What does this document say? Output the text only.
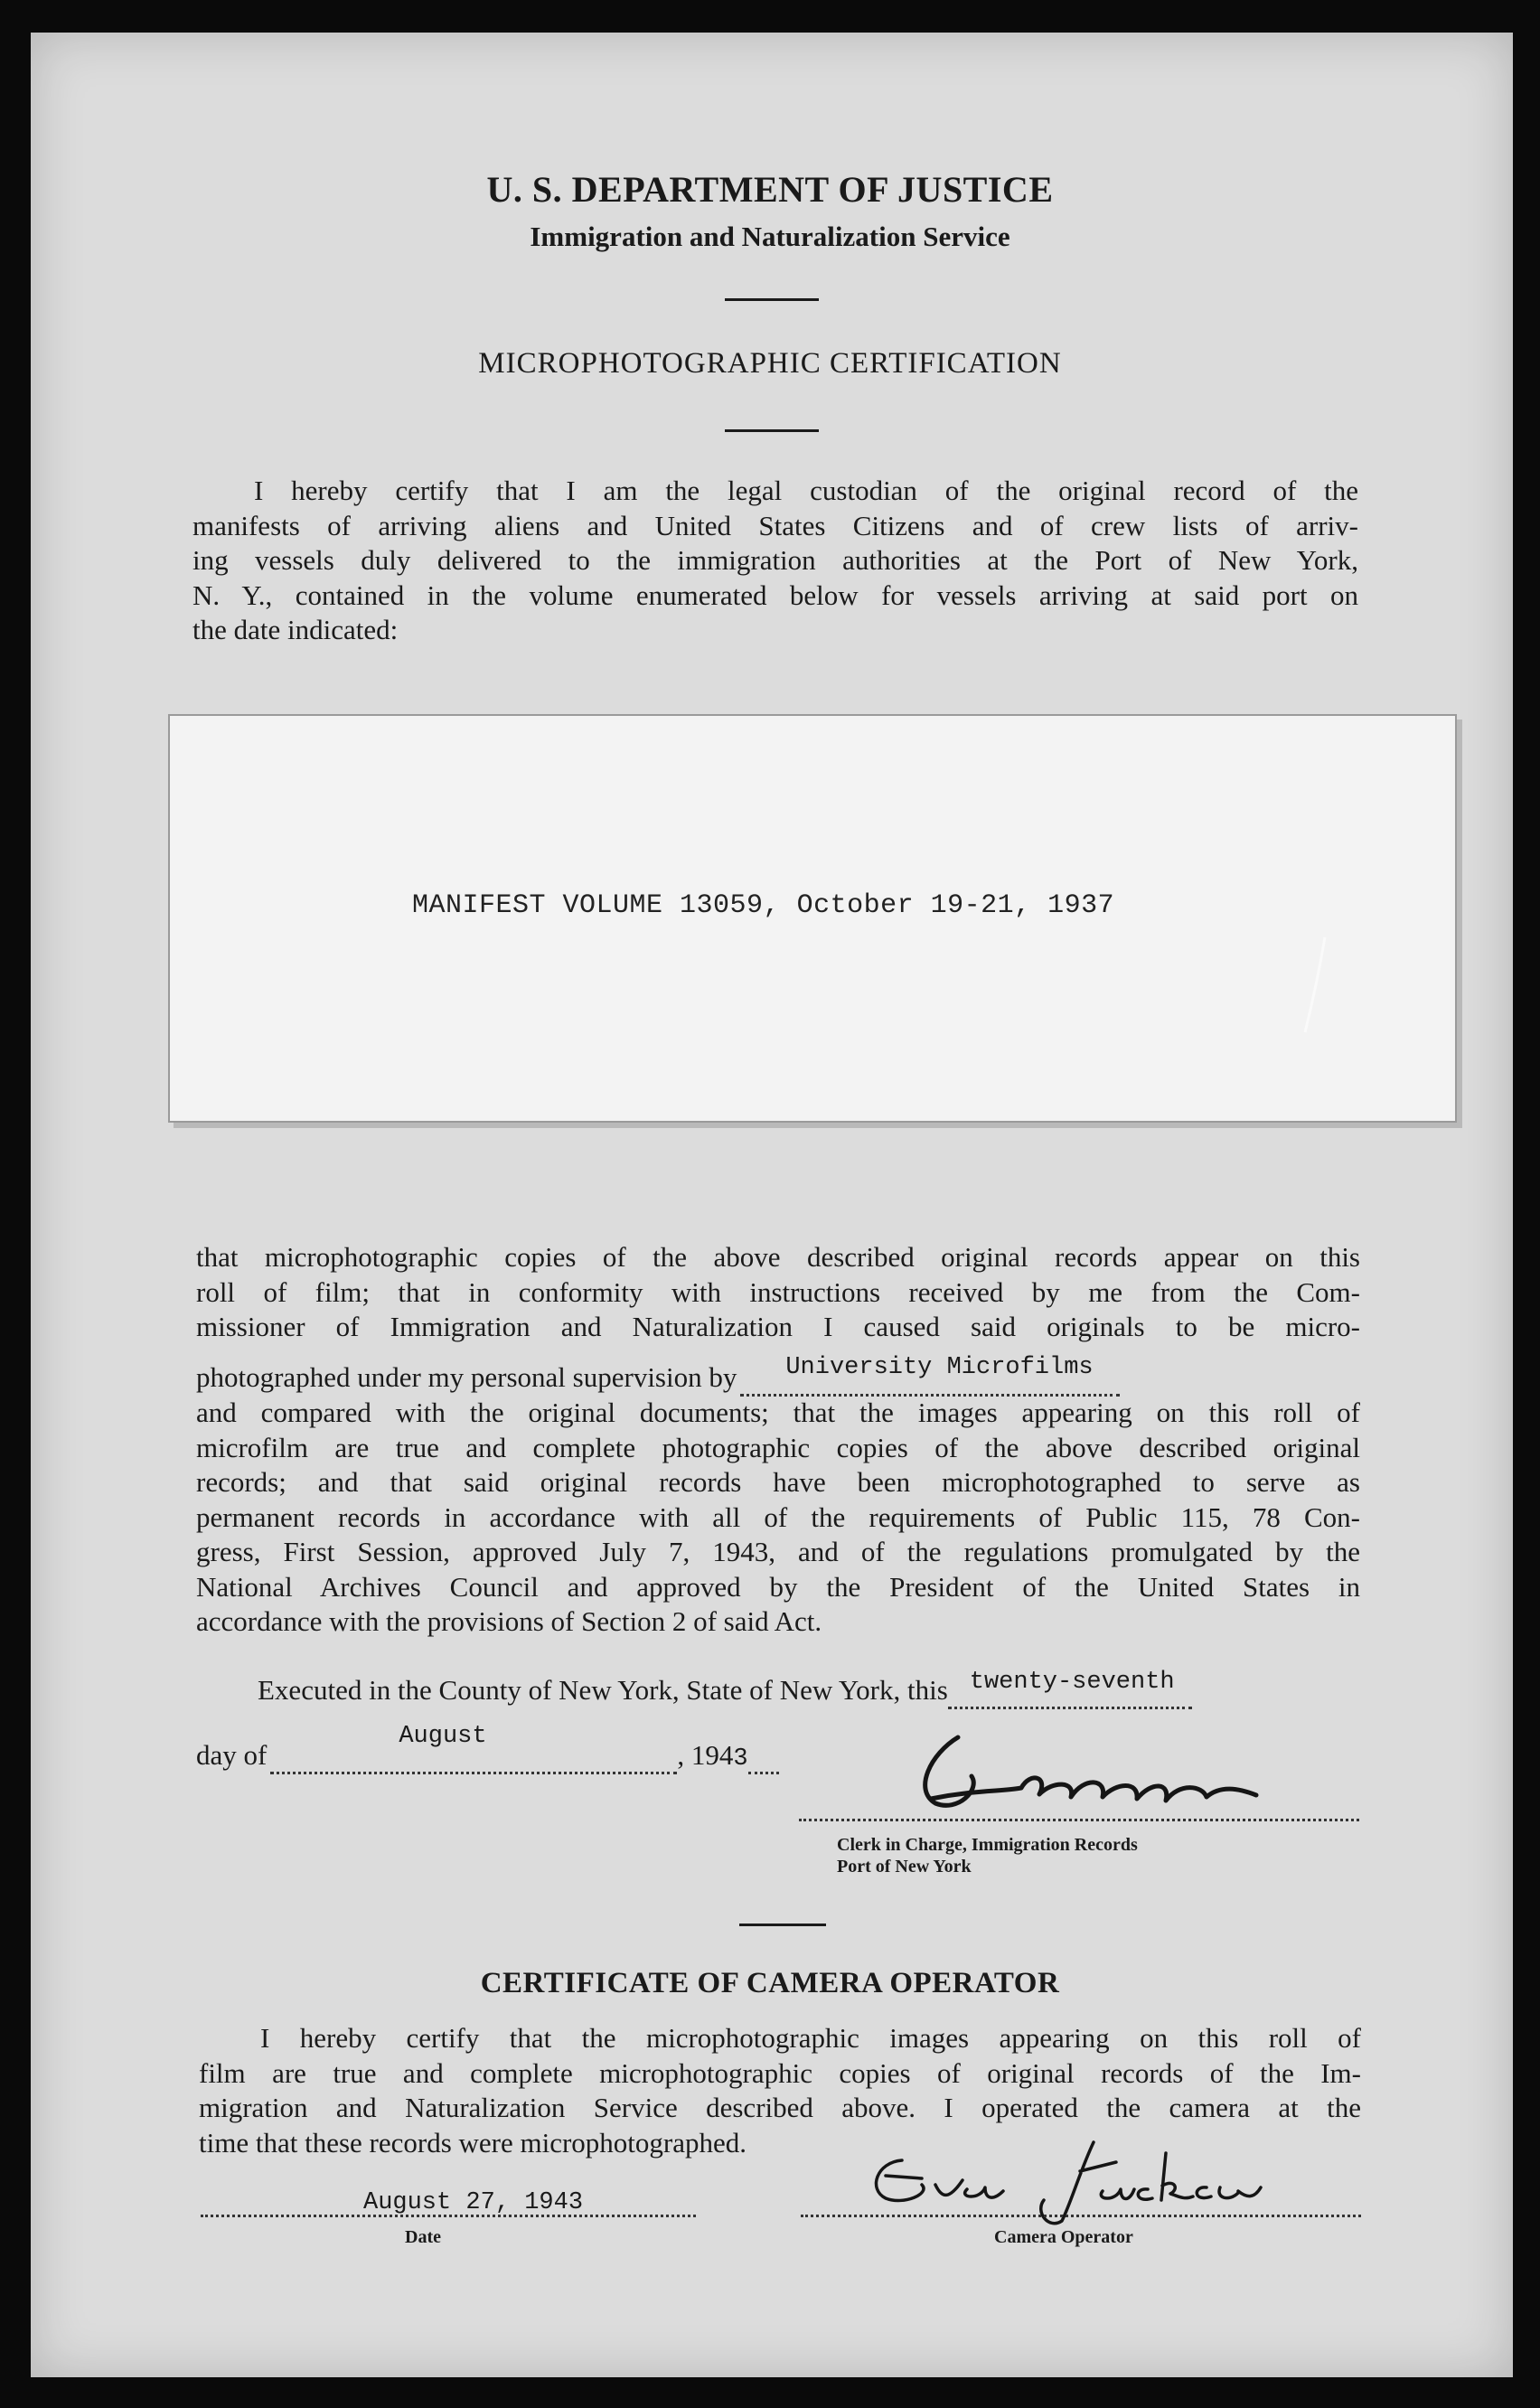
U. S. DEPARTMENT OF JUSTICE
Immigration and Naturalization Service
MICROPHOTOGRAPHIC CERTIFICATION
I hereby certify that I am the legal custodian of the original record of the
manifests of arriving aliens and United States Citizens and of crew lists of arriv-
ing vessels duly delivered to the immigration authorities at the Port of New York,
N. Y., contained in the volume enumerated below for vessels arriving at said port on
the date indicated:
MANIFEST VOLUME 13059, October 19-21, 1937
that microphotographic copies of the above described original records appear on this
roll of film; that in conformity with instructions received by me from the Com-
missioner of Immigration and Naturalization I caused said originals to be micro-
photographed under my personal supervision by University Microfilms

and compared with the original documents; that the images appearing on this roll of
microfilm are true and complete photographic copies of the above described original
records; and that said original records have been microphotographed to serve as
permanent records in accordance with all of the requirements of Public 115, 78 Con-
gress, First Session, approved July 7, 1943, and of the regulations promulgated by the
National Archives Council and approved by the President of the United States in
accordance with the provisions of Section 2 of said Act.
Executed in the County of New York, State of New York, this twenty-seventh

day of
August
, 1943
Clerk in Charge, Immigration Records
Port of New York
CERTIFICATE OF CAMERA OPERATOR
I hereby certify that the microphotographic images appearing on this roll of
film are true and complete microphotographic copies of original records of the Im-
migration and Naturalization Service described above. I operated the camera at the
time that these records were microphotographed.
August 27, 1943
Date	Camera Operator
